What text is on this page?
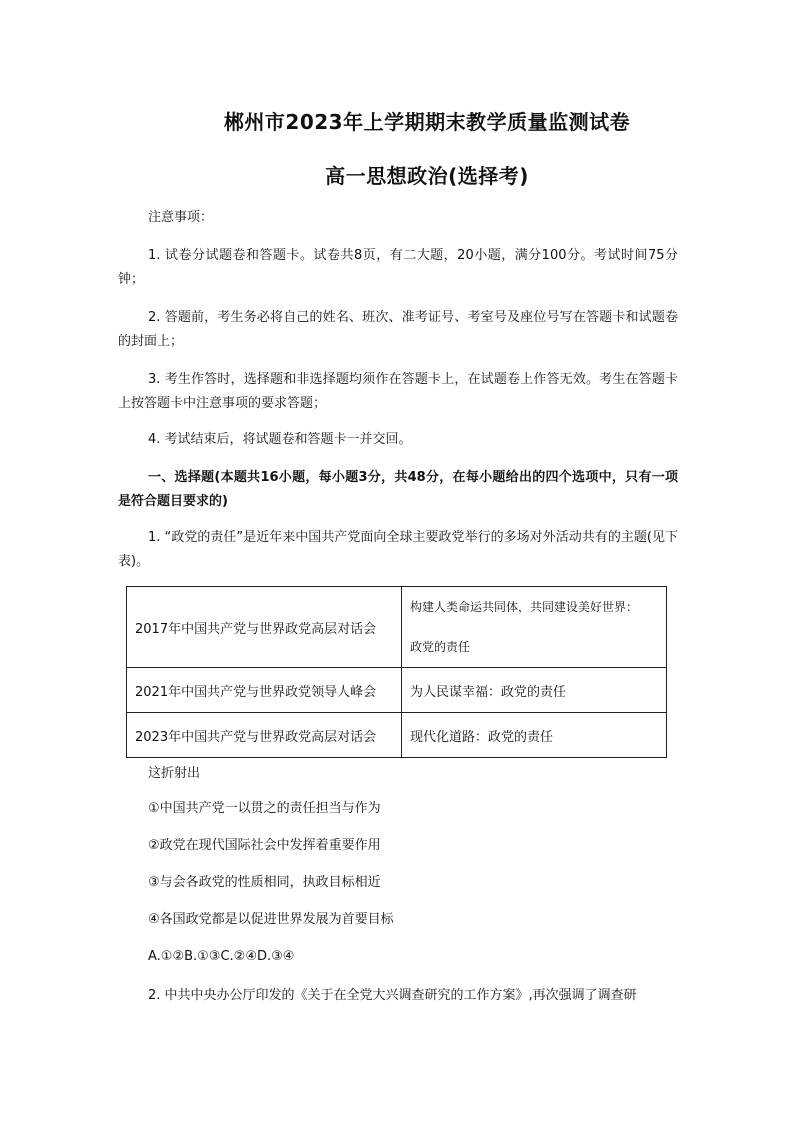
郴州市2023年上学期期末教学质量监测试卷
高一思想政治(选择考)
注意事项：
1. 试卷分试题卷和答题卡。试卷共8页，有二大题，20小题，满分100分。考试时间75分钟；
2. 答题前，考生务必将自己的姓名、班次、准考证号、考室号及座位号写在答题卡和试题卷的封面上；
3. 考生作答时，选择题和非选择题均须作在答题卡上，在试题卷上作答无效。考生在答题卡上按答题卡中注意事项的要求答题；
4. 考试结束后，将试题卷和答题卡一并交回。
一、选择题(本题共16小题，每小题3分，共48分，在每小题给出的四个选项中，只有一项是符合题目要求的)
1. “政党的责任”是近年来中国共产党面向全球主要政党举行的多场对外活动共有的主题(见下表)。
2017年中国共产党与世界政党高层对话会	构建人类命运共同体，共同建设美好世界：
政党的责任

2021年中国共产党与世界政党领导人峰会	为人民谋幸福：政党的责任
2023年中国共产党与世界政党高层对话会	现代化道路：政党的责任
这折射出
①中国共产党一以贯之的责任担当与作为
②政党在现代国际社会中发挥着重要作用
③与会各政党的性质相同，执政目标相近
④各国政党都是以促进世界发展为首要目标
A.①②B.①③C.②④D.③④
2. 中共中央办公厅印发的《关于在全党大兴调查研究的工作方案》,再次强调了调查研
